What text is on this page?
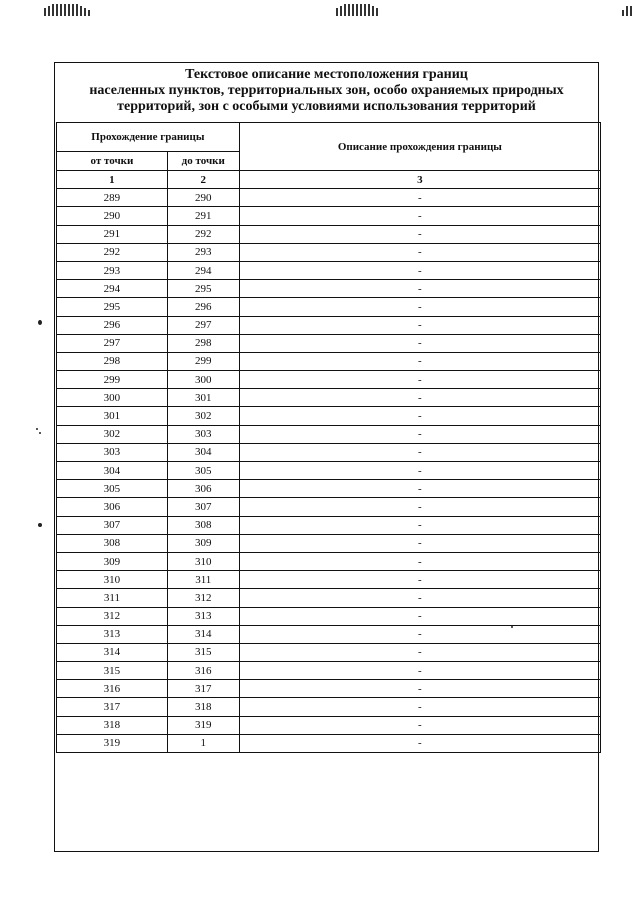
Текстовое описание местоположения границ
населенных пунктов, территориальных зон, особо охраняемых природных
территорий, зон с особыми условиями использования территорий
Прохождение границы		Описание прохождения границы
от точки	до точки	
1	2	3
289	290	-
290	291	-
291	292	-
292	293	-
293	294	-
294	295	-
295	296	-
296	297	-
297	298	-
298	299	-
299	300	-
300	301	-
301	302	-
302	303	-
303	304	-
304	305	-
305	306	-
306	307	-
307	308	-
308	309	-
309	310	-
310	311	-
311	312	-
312	313	-
313	314	-
314	315	-
315	316	-
316	317	-
317	318	-
318	319	-
319	1	-
